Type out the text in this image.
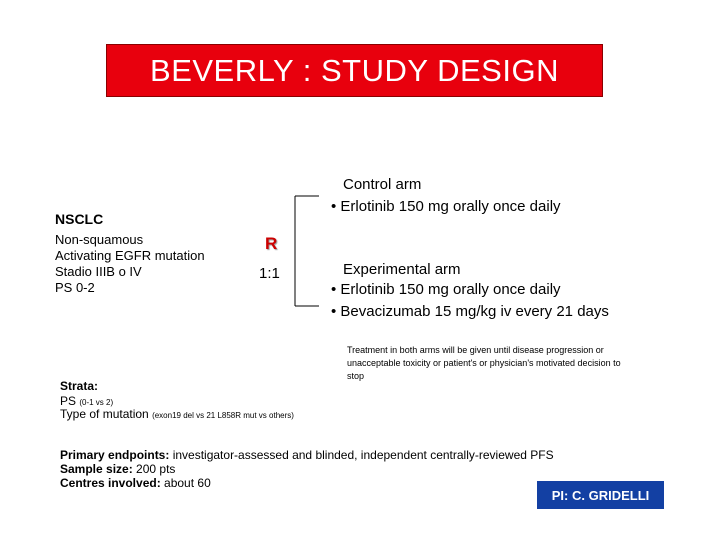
BEVERLY : STUDY DESIGN
NSCLC
Non-squamous
Activating EGFR mutation
Stadio IIIB o IV
PS 0-2
R
1:1
Control arm
• Erlotinib 150 mg orally once daily
Experimental arm
• Erlotinib 150 mg orally once daily
• Bevacizumab 15 mg/kg iv every 21 days
Treatment in both arms will be given until disease progression or
unacceptable toxicity or patient's or physician's motivated decision to
stop
Strata:
PS (0-1 vs 2)
Type of mutation (exon19 del vs 21 L858R mut vs others)
Primary endpoints: investigator-assessed and blinded, independent centrally-reviewed PFS
Sample size: 200 pts
Centres involved: about 60
PI: C. GRIDELLI
